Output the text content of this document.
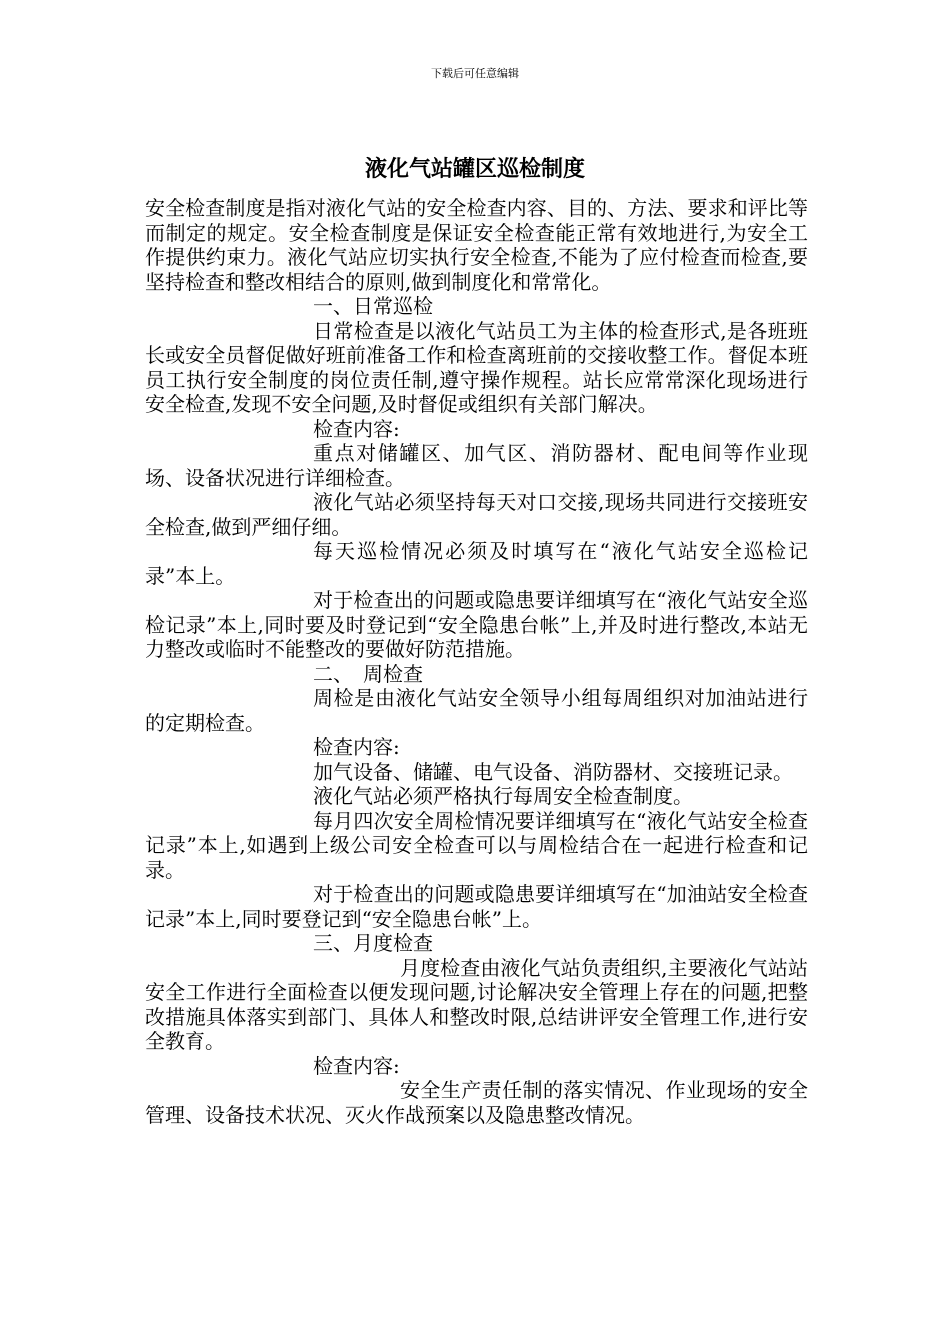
下载后可任意编辑
液化气站罐区巡检制度

安全检查制度是指对液化气站的安全检查内容、目的、方法、要求和评比等而制定的规定。安全检查制度是保证安全检查能正常有效地进行,为安全工作提供约束力。液化气站应切实执行安全检查,不能为了应付检查而检查,要坚持检查和整改相结合的原则,做到制度化和常常化。

一、日常巡检

日常检查是以液化气站员工为主体的检查形式,是各班班长或安全员督促做好班前准备工作和检查离班前的交接收整工作。督促本班员工执行安全制度的岗位责任制,遵守操作规程。站长应常常深化现场进行安全检查,发现不安全问题,及时督促或组织有关部门解决。

检查内容:

重点对储罐区、加气区、消防器材、配电间等作业现场、设备状况进行详细检查。

液化气站必须坚持每天对口交接,现场共同进行交接班安全检查,做到严细仔细。

每天巡检情况必须及时填写在“液化气站安全巡检记录”本上。

对于检查出的问题或隐患要详细填写在“液化气站安全巡检记录”本上,同时要及时登记到“安全隐患台帐”上,并及时进行整改,本站无力整改或临时不能整改的要做好防范措施。

二、　周检查

周检是由液化气站安全领导小组每周组织对加油站进行的定期检查。

检查内容:

加气设备、储罐、电气设备、消防器材、交接班记录。

液化气站必须严格执行每周安全检查制度。

每月四次安全周检情况要详细填写在“液化气站安全检查记录”本上,如遇到上级公司安全检查可以与周检结合在一起进行检查和记录。

对于检查出的问题或隐患要详细填写在“加油站安全检查记录”本上,同时要登记到“安全隐患台帐”上。

三、月度检查

月度检查由液化气站负责组织,主要液化气站站安全工作进行全面检查以便发现问题,讨论解决安全管理上存在的问题,把整改措施具体落实到部门、具体人和整改时限,总结讲评安全管理工作,进行安全教育。

检查内容:

安全生产责任制的落实情况、作业现场的安全管理、设备技术状况、灭火作战预案以及隐患整改情况。
